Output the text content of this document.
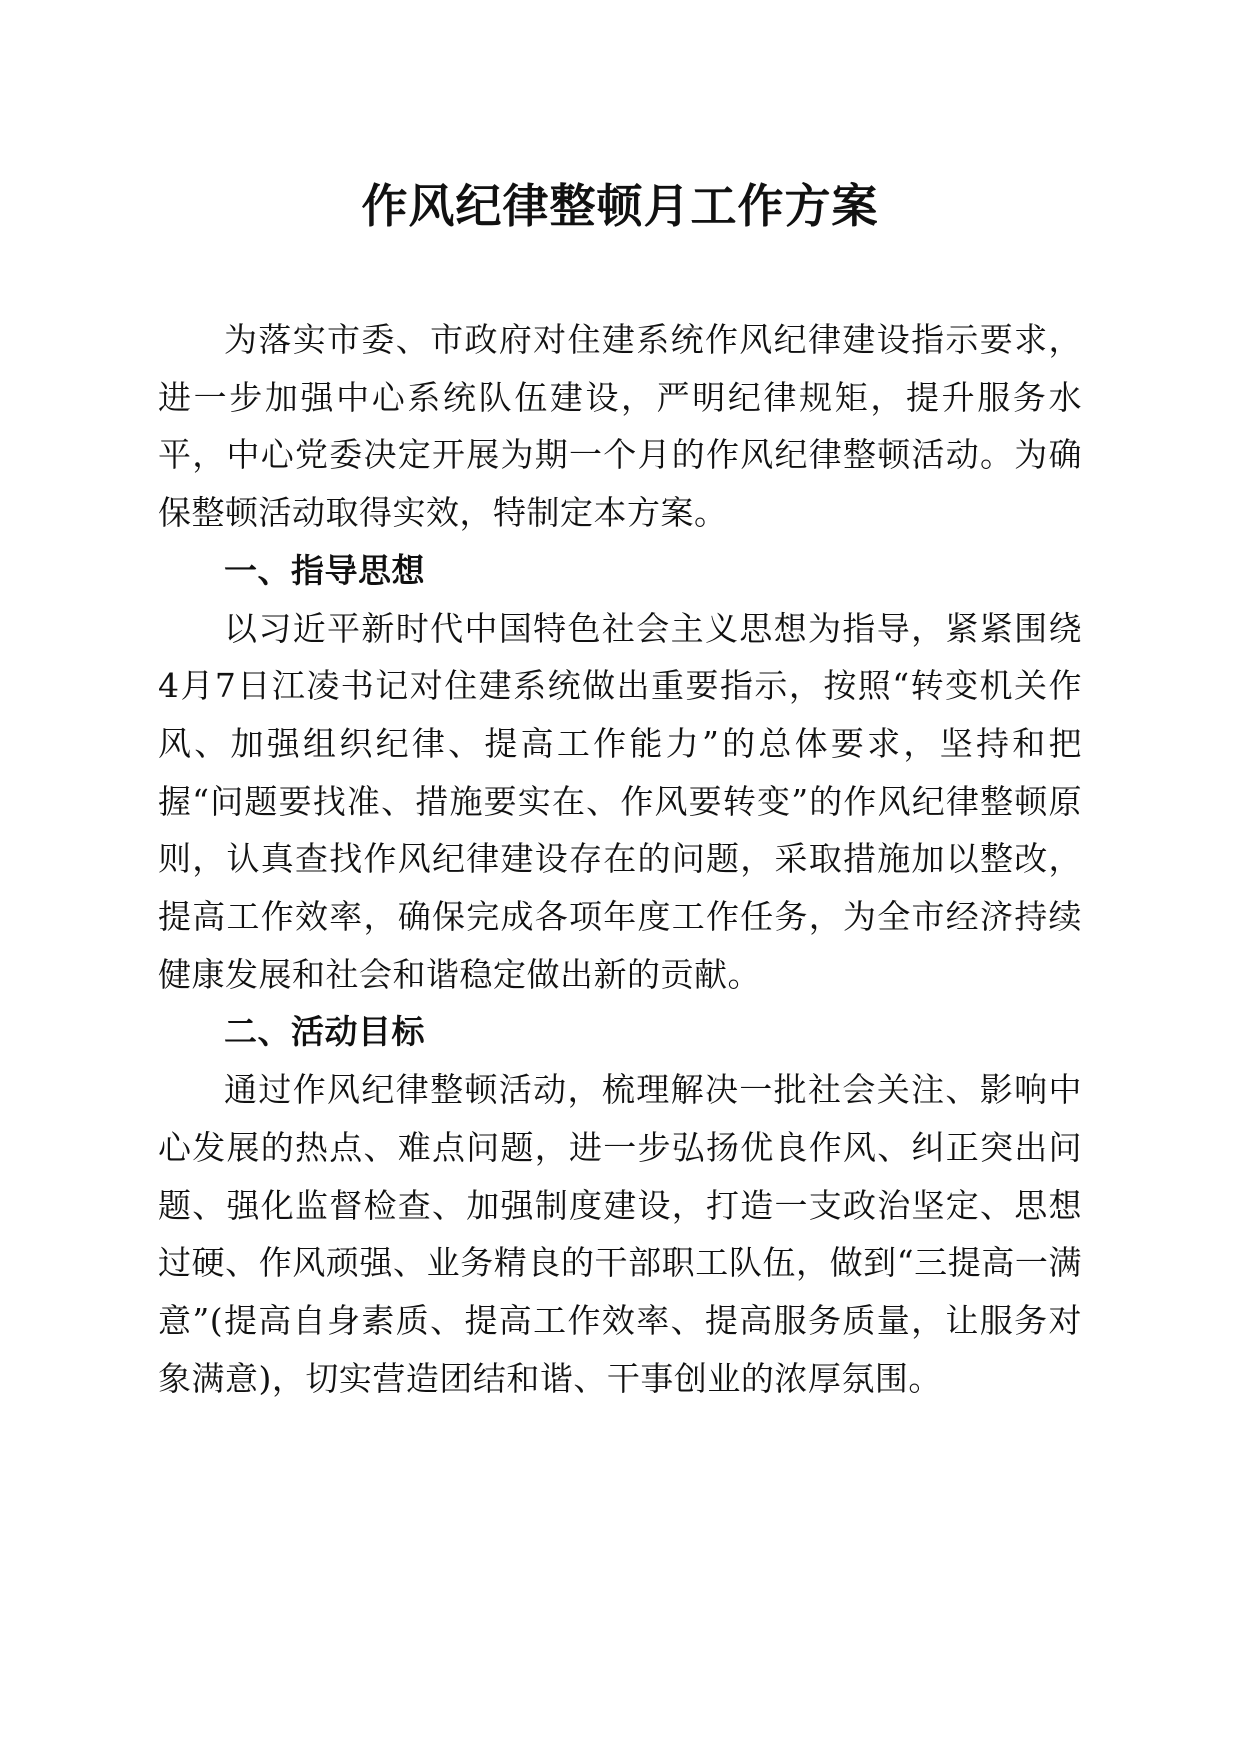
作风纪律整顿月工作方案

为落实市委、市政府对住建系统作风纪律建设指示要求，进一步加强中心系统队伍建设，严明纪律规矩，提升服务水平，中心党委决定开展为期一个月的作风纪律整顿活动。为确保整顿活动取得实效，特制定本方案。

一、指导思想

以习近平新时代中国特色社会主义思想为指导，紧紧围绕4月7日江凌书记对住建系统做出重要指示，按照“转变机关作风、加强组织纪律、提高工作能力”的总体要求，坚持和把握“问题要找准、措施要实在、作风要转变”的作风纪律整顿原则，认真查找作风纪律建设存在的问题，采取措施加以整改，提高工作效率，确保完成各项年度工作任务，为全市经济持续健康发展和社会和谐稳定做出新的贡献。

二、活动目标

通过作风纪律整顿活动，梳理解决一批社会关注、影响中心发展的热点、难点问题，进一步弘扬优良作风、纠正突出问题、强化监督检查、加强制度建设，打造一支政治坚定、思想过硬、作风顽强、业务精良的干部职工队伍，做到“三提高一满意”(提高自身素质、提高工作效率、提高服务质量，让服务对象满意)，切实营造团结和谐、干事创业的浓厚氛围。
